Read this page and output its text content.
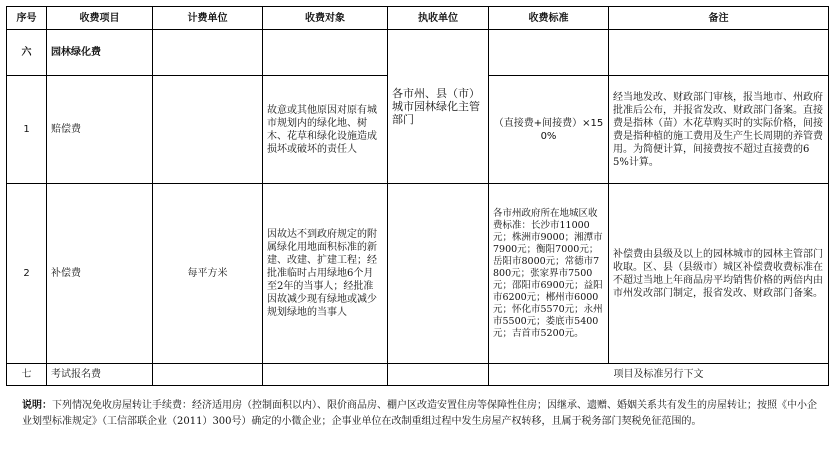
序号	收费项目	计费单位	收费对象	执收单位	收费标准	备注
六	园林绿化费			各市州、县（市）城市园林绿化主管部门		
1	赔偿费		故意或其他原因对原有城市规划内的绿化地、树木、花草和绿化设施造成损坏或破坏的责任人		（直接费+间接费）×150%	经当地发改、财政部门审核，报当地市、州政府批准后公布，并报省发改、财政部门备案。直接费是指林（苗）木花草购买时的实际价格，间接费是指种植的施工费用及生产生长周期的养管费用。为简便计算，间接费按不超过直接费的65%计算。
2	补偿费	每平方米	因故达不到政府规定的附属绿化用地面积标准的新建、改建、扩建工程；经批准临时占用绿地6个月至2年的当事人；经批准因故减少现有绿地或减少规划绿地的当事人		各市州政府所在地城区收费标准：长沙市11000元；株洲市9000；湘潭市7900元；衡阳7000元；岳阳市8000元；常德市7800元；张家界市7500元；邵阳市6900元；益阳市6200元；郴州市6000元；怀化市5570元；永州市5500元；娄底市5400元；吉首市5200元。	补偿费由县级及以上的园林城市的园林主管部门收取。区、县（县级市）城区补偿费收费标准在不超过当地上年商品房平均销售价格的两倍内由市州发改部门制定，报省发改、财政部门备案。
七	考试报名费				项目及标准另行下文	
说明：下列情况免收房屋转让手续费：经济适用房（控制面积以内）、限价商品房、棚户区改造安置住房等保障性住房；因继承、遗赠、婚姻关系共有发生的房屋转让；按照《中小企业划型标准规定》（工信部联企业（2011）300号）确定的小微企业；企事业单位在改制重组过程中发生房屋产权转移，且属于税务部门契税免征范围的。
